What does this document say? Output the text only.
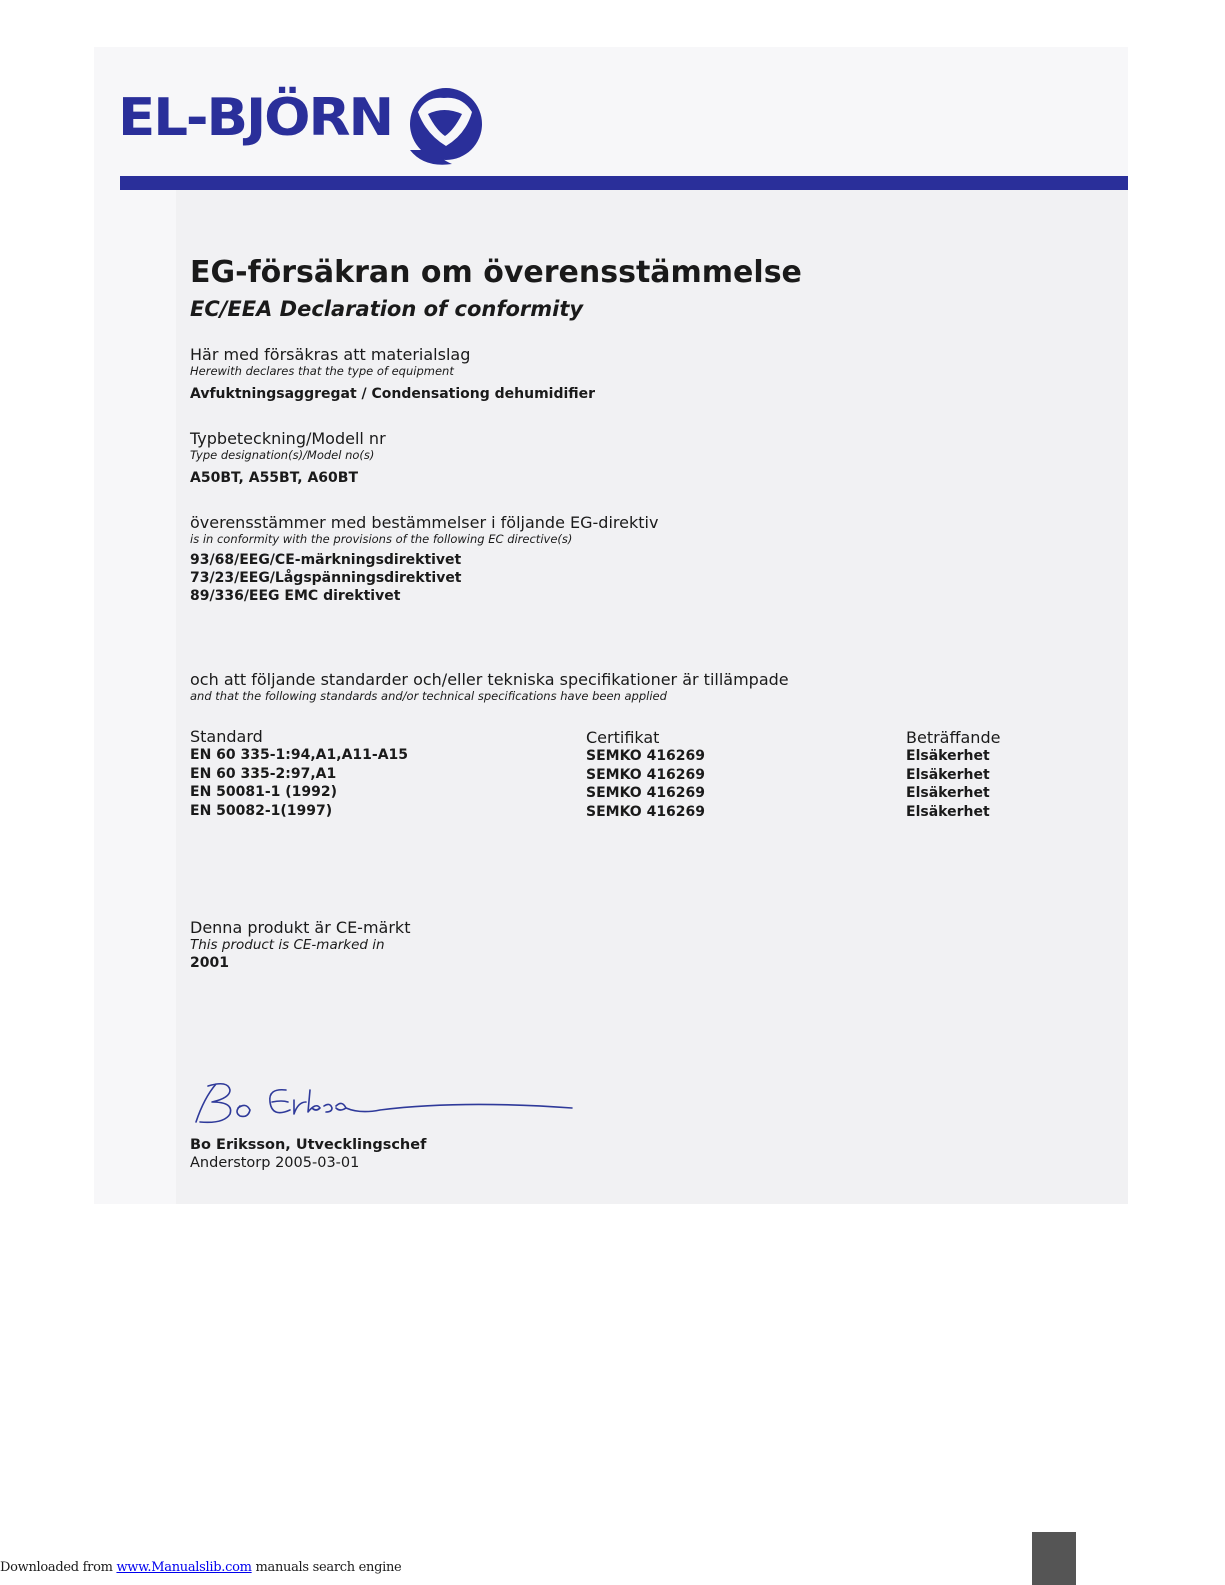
EL-BJÖRN
EG-försäkran om överensstämmelse
EC/EEA Declaration of conformity
Här med försäkras att materialslag
Herewith declares that the type of equipment
Avfuktningsaggregat / Condensationg dehumidifier
Typbeteckning/Modell nr
Type designation(s)/Model no(s)
A50BT, A55BT, A60BT
överensstämmer med bestämmelser i följande EG-direktiv
is in conformity with the provisions of the following EC directive(s)
93/68/EEG/CE-märkningsdirektivet
73/23/EEG/Lågspänningsdirektivet
89/336/EEG EMC direktivet
och att följande standarder och/eller tekniska specifikationer är tillämpade
and that the following standards and/or technical specifications have been applied
Standard
EN 60 335-1:94,A1,A11-A15
EN 60 335-2:97,A1
EN 50081-1 (1992)
EN 50082-1(1997)
Certifikat
SEMKO 416269
SEMKO 416269
SEMKO 416269
SEMKO 416269
Beträffande
Elsäkerhet
Elsäkerhet
Elsäkerhet
Elsäkerhet
Denna produkt är CE-märkt
This product is CE-marked in
2001
Bo Eriksson, Utvecklingschef
Anderstorp 2005-03-01
Downloaded from www.Manualslib.com manuals search engine
